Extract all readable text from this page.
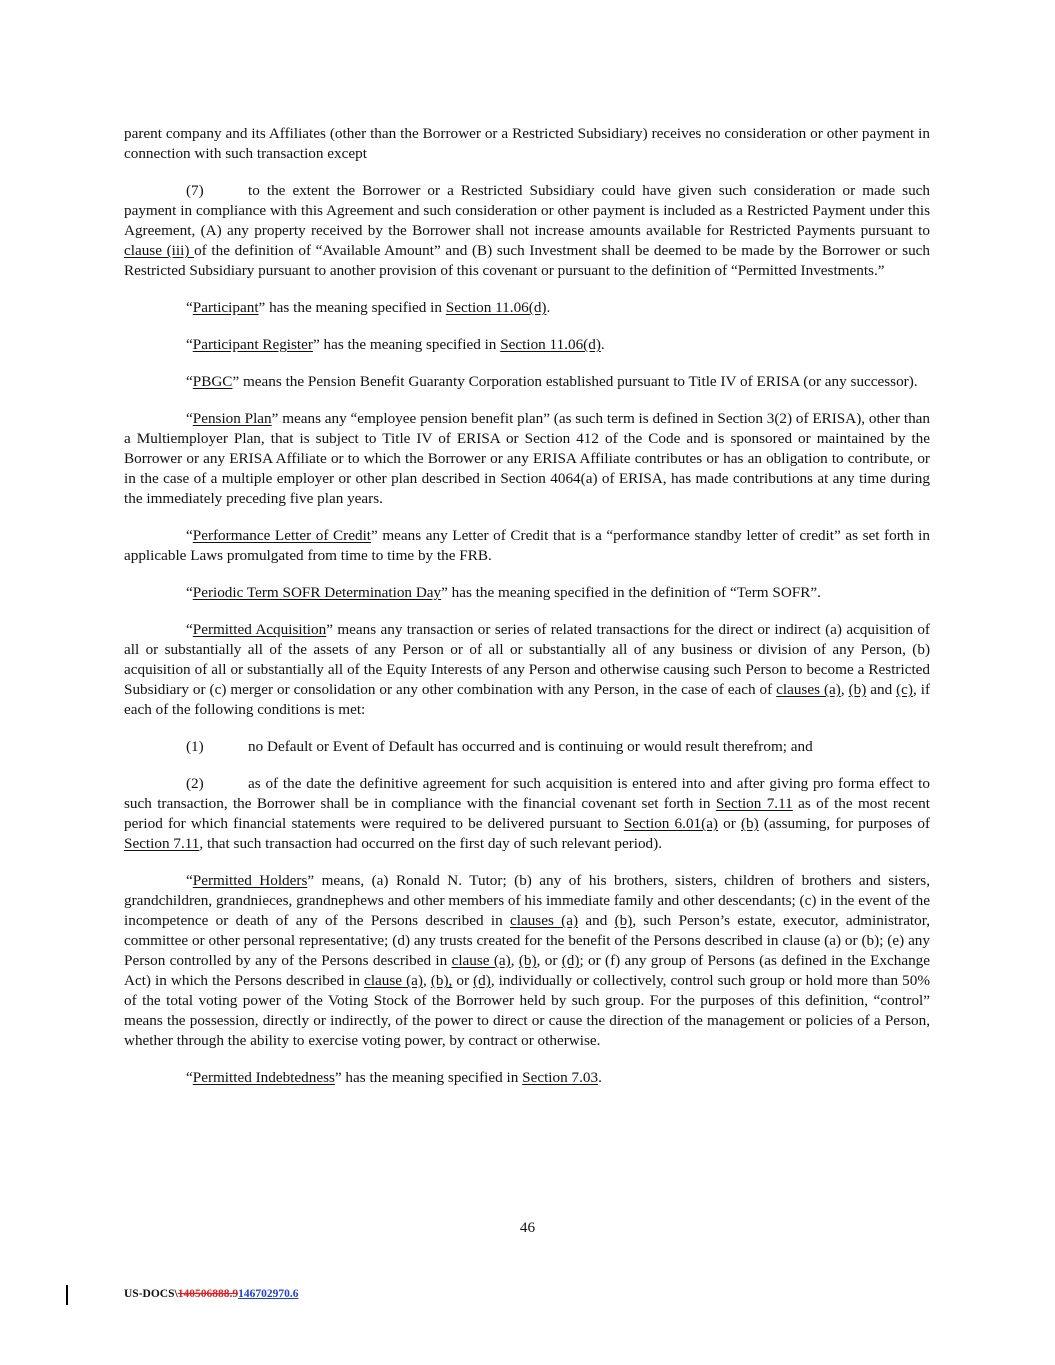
parent company and its Affiliates (other than the Borrower or a Restricted Subsidiary) receives no consideration or other payment in connection with such transaction except

(7)	to the extent the Borrower or a Restricted Subsidiary could have given such consideration or made such payment in compliance with this Agreement and such consideration or other payment is included as a Restricted Payment under this Agreement, (A) any property received by the Borrower shall not increase amounts available for Restricted Payments pursuant to clause (iii) of the definition of “Available Amount” and (B) such Investment shall be deemed to be made by the Borrower or such Restricted Subsidiary pursuant to another provision of this covenant or pursuant to the definition of “Permitted Investments.”

“Participant” has the meaning specified in Section 11.06(d).

“Participant Register” has the meaning specified in Section 11.06(d).

“PBGC” means the Pension Benefit Guaranty Corporation established pursuant to Title IV of ERISA (or any successor).

“Pension Plan” means any “employee pension benefit plan” (as such term is defined in Section 3(2) of ERISA), other than a Multiemployer Plan, that is subject to Title IV of ERISA or Section 412 of the Code and is sponsored or maintained by the Borrower or any ERISA Affiliate or to which the Borrower or any ERISA Affiliate contributes or has an obligation to contribute, or in the case of a multiple employer or other plan described in Section 4064(a) of ERISA, has made contributions at any time during the immediately preceding five plan years.

“Performance Letter of Credit” means any Letter of Credit that is a “performance standby letter of credit” as set forth in applicable Laws promulgated from time to time by the FRB.

“Periodic Term SOFR Determination Day” has the meaning specified in the definition of “Term SOFR”.

“Permitted Acquisition” means any transaction or series of related transactions for the direct or indirect (a) acquisition of all or substantially all of the assets of any Person or of all or substantially all of any business or division of any Person, (b) acquisition of all or substantially all of the Equity Interests of any Person and otherwise causing such Person to become a Restricted Subsidiary or (c) merger or consolidation or any other combination with any Person, in the case of each of clauses (a), (b) and (c), if each of the following conditions is met:

(1)	no Default or Event of Default has occurred and is continuing or would result therefrom; and

(2)	as of the date the definitive agreement for such acquisition is entered into and after giving pro forma effect to such transaction, the Borrower shall be in compliance with the financial covenant set forth in Section 7.11 as of the most recent period for which financial statements were required to be delivered pursuant to Section 6.01(a) or (b) (assuming, for purposes of Section 7.11, that such transaction had occurred on the first day of such relevant period).

“Permitted Holders” means, (a) Ronald N. Tutor; (b) any of his brothers, sisters, children of brothers and sisters, grandchildren, grandnieces, grandnephews and other members of his immediate family and other descendants; (c) in the event of the incompetence or death of any of the Persons described in clauses (a) and (b), such Person’s estate, executor, administrator, committee or other personal representative; (d) any trusts created for the benefit of the Persons described in clause (a) or (b); (e) any Person controlled by any of the Persons described in clause (a), (b), or (d); or (f) any group of Persons (as defined in the Exchange Act) in which the Persons described in clause (a), (b), or (d), individually or collectively, control such group or hold more than 50% of the total voting power of the Voting Stock of the Borrower held by such group. For the purposes of this definition, “control” means the possession, directly or indirectly, of the power to direct or cause the direction of the management or policies of a Person, whether through the ability to exercise voting power, by contract or otherwise.

“Permitted Indebtedness” has the meaning specified in Section 7.03.

46
US-DOCS\140506888.9146702970.6
